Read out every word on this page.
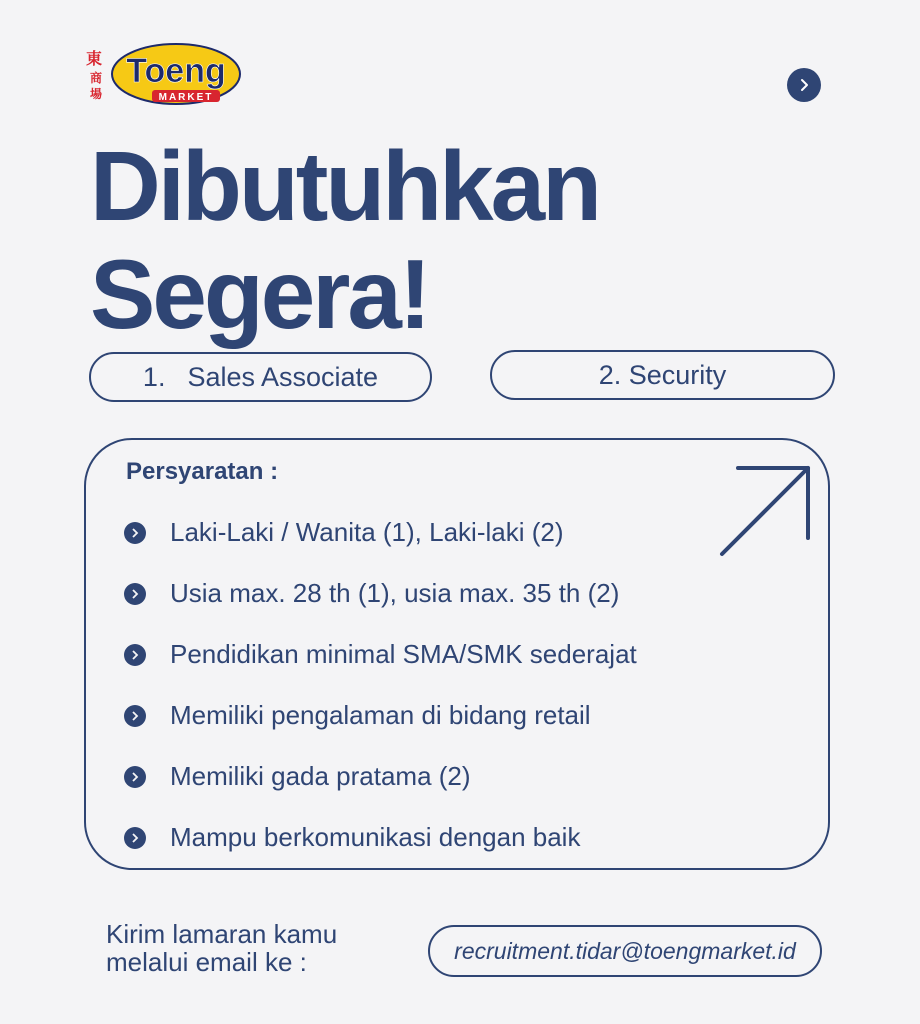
東
商
場
Toeng
MARKET
Dibutuhkan
Segera!
1. Sales Associate	2. Security
Persyaratan :
Laki-Laki / Wanita (1), Laki-laki (2)
Usia max. 28 th (1), usia max. 35 th (2)
Pendidikan minimal SMA/SMK sederajat
Memiliki pengalaman di bidang retail
Memiliki gada pratama (2)
Mampu berkomunikasi dengan baik

Kirim lamaran kamu
melalui email ke :	recruitment.tidar@toengmarket.id
